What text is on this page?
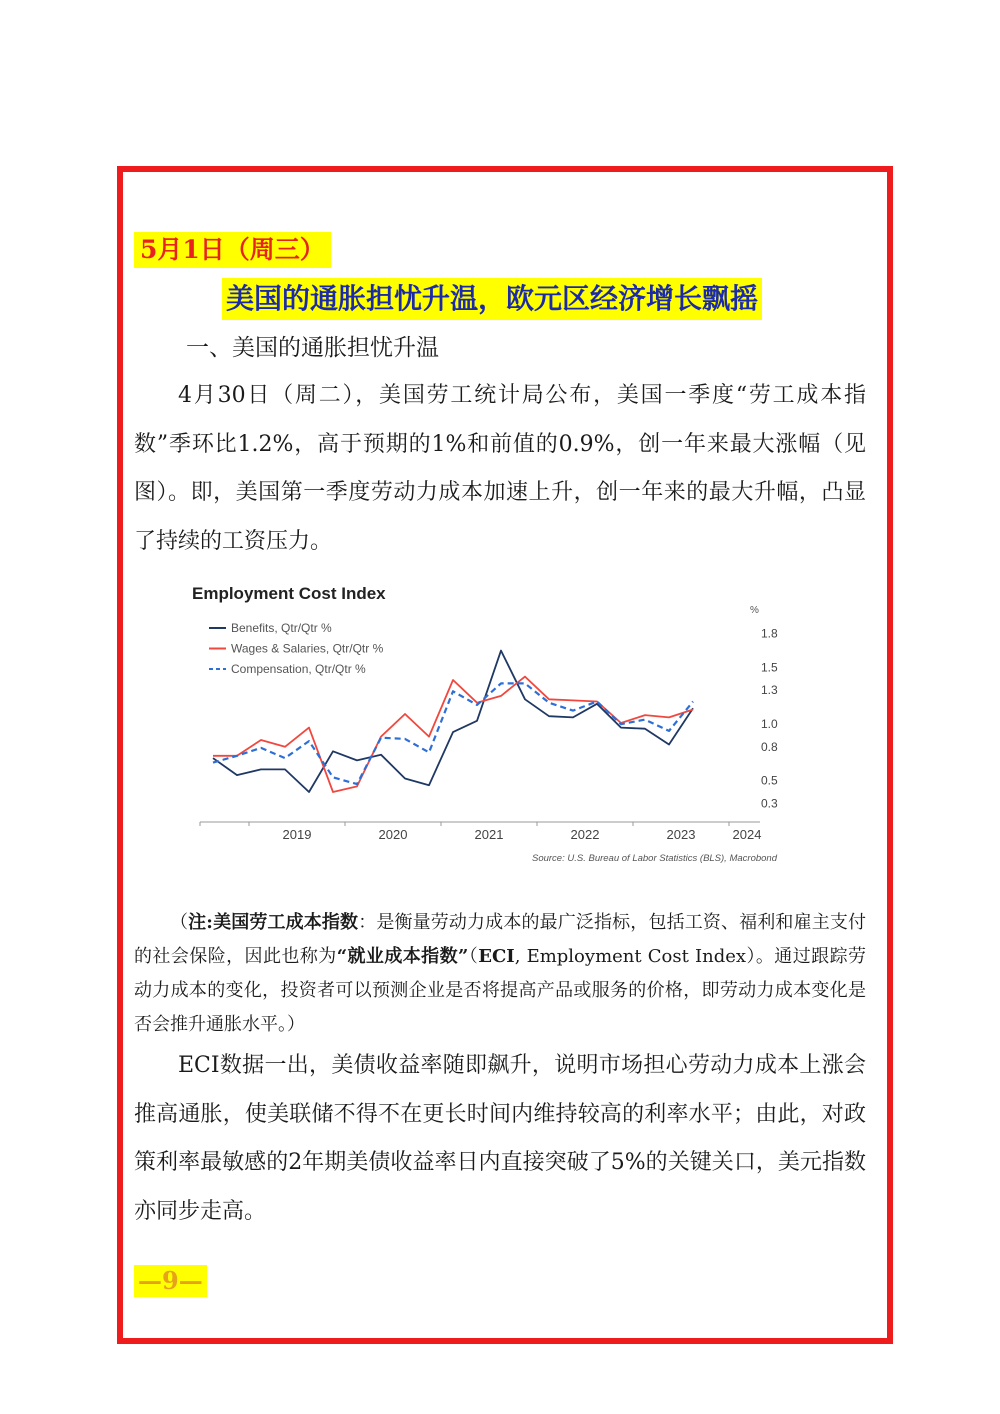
5月1日（周三）
美国的通胀担忧升温，欧元区经济增长飘摇
一、美国的通胀担忧升温

4月30日（周二），美国劳工统计局公布，美国一季度“劳工成本指数”季环比1.2%，高于预期的1%和前值的0.9%，创一年来最大涨幅（见图）。即，美国第一季度劳动力成本加速上升，创一年来的最大升幅，凸显了持续的工资压力。

Employment Cost Index
%
Benefits, Qtr/Qtr %
Wages & Salaries, Qtr/Qtr %
Compensation, Qtr/Qtr %
0.3
0.5
0.8
1.0
1.3
1.5
1.8
2019	2020	2021	2022	2023	2024
Source: U.S. Bureau of Labor Statistics (BLS), Macrobond

（注:美国劳工成本指数：是衡量劳动力成本的最广泛指标，包括工资、福利和雇主支付的社会保险，因此也称为“就业成本指数”（ECI, Employment Cost Index）。通过跟踪劳动力成本的变化，投资者可以预测企业是否将提高产品或服务的价格，即劳动力成本变化是否会推升通胀水平。）

ECI数据一出，美债收益率随即飙升，说明市场担心劳动力成本上涨会推高通胀，使美联储不得不在更长时间内维持较高的利率水平；由此，对政策利率最敏感的2年期美债收益率日内直接突破了5%的关键关口，美元指数亦同步走高。

—9—
